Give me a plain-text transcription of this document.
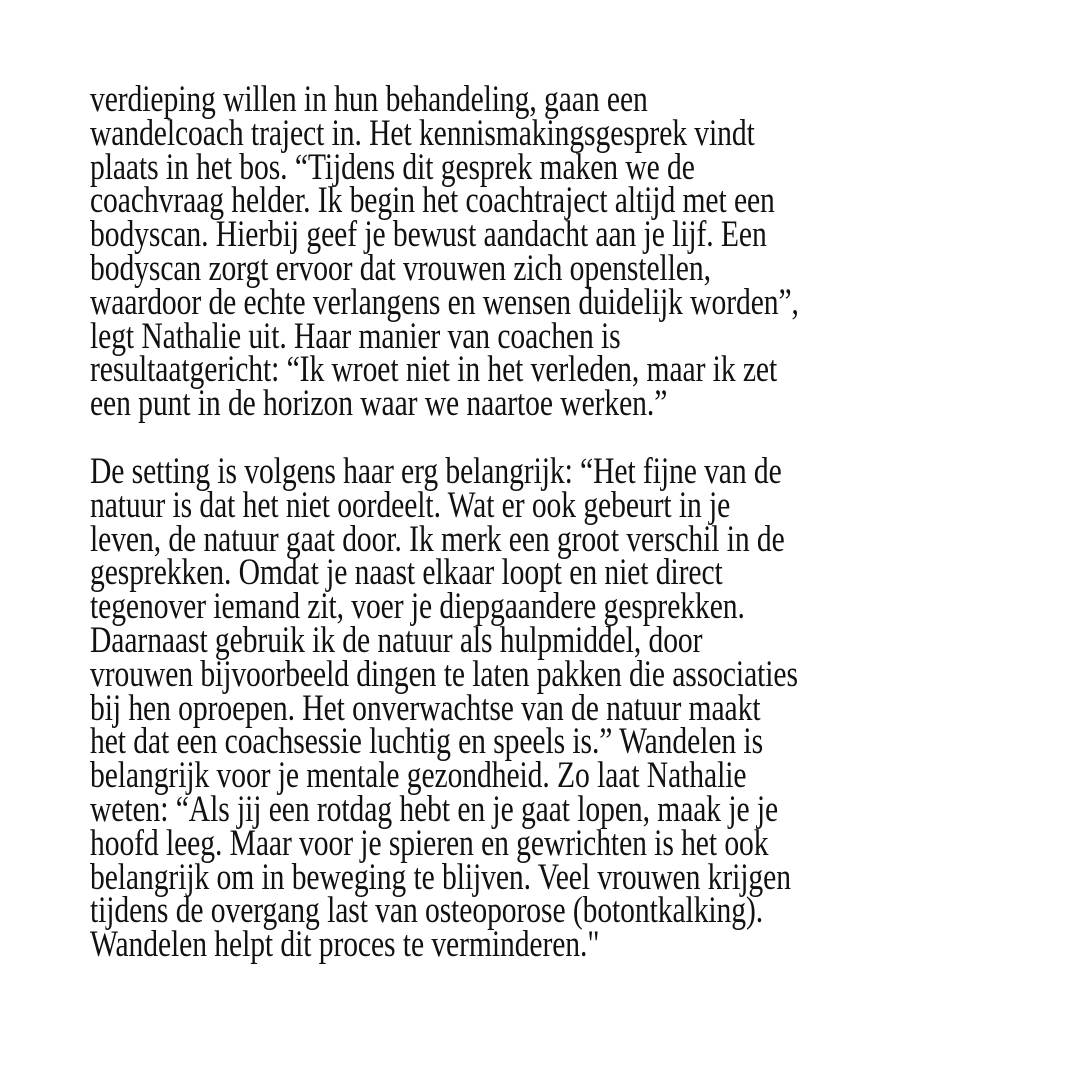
verdieping willen in hun behandeling, gaan een
wandelcoach traject in. Het kennismakingsgesprek vindt
plaats in het bos. “Tijdens dit gesprek maken we de
coachvraag helder. Ik begin het coachtraject altijd met een
bodyscan. Hierbij geef je bewust aandacht aan je lijf. Een
bodyscan zorgt ervoor dat vrouwen zich openstellen,
waardoor de echte verlangens en wensen duidelijk worden”,
legt Nathalie uit. Haar manier van coachen is
resultaatgericht: “Ik wroet niet in het verleden, maar ik zet
een punt in de horizon waar we naartoe werken.”

De setting is volgens haar erg belangrijk: “Het fijne van de
natuur is dat het niet oordeelt. Wat er ook gebeurt in je
leven, de natuur gaat door. Ik merk een groot verschil in de
gesprekken. Omdat je naast elkaar loopt en niet direct
tegenover iemand zit, voer je diepgaandere gesprekken.
Daarnaast gebruik ik de natuur als hulpmiddel, door
vrouwen bijvoorbeeld dingen te laten pakken die associaties
bij hen oproepen. Het onverwachtse van de natuur maakt
het dat een coachsessie luchtig en speels is.” Wandelen is
belangrijk voor je mentale gezondheid. Zo laat Nathalie
weten: “Als jij een rotdag hebt en je gaat lopen, maak je je
hoofd leeg. Maar voor je spieren en gewrichten is het ook
belangrijk om in beweging te blijven. Veel vrouwen krijgen
tijdens de overgang last van osteoporose (botontkalking).
Wandelen helpt dit proces te verminderen."
